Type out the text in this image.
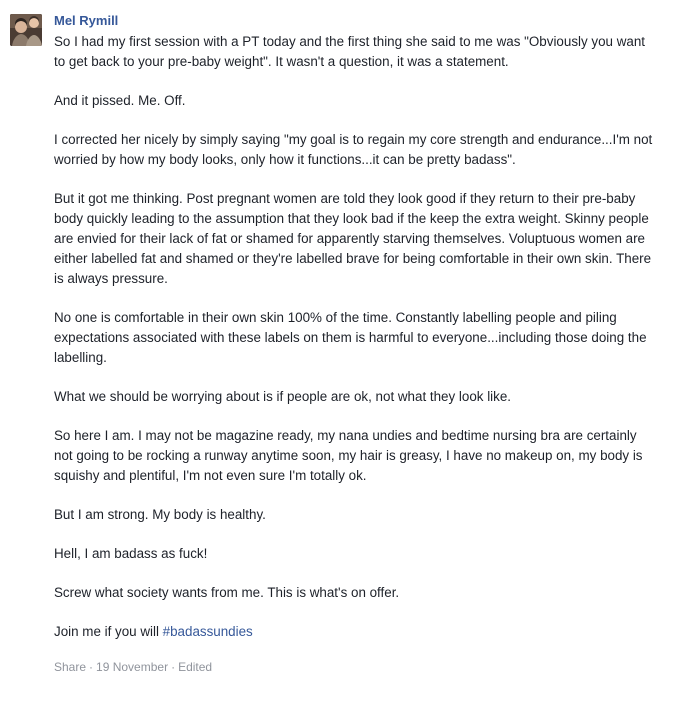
Mel Rymill

So I had my first session with a PT today and the first thing she said to me was "Obviously you want to get back to your pre-baby weight". It wasn't a question, it was a statement.

And it pissed. Me. Off.

I corrected her nicely by simply saying "my goal is to regain my core strength and endurance...I'm not worried by how my body looks, only how it functions...it can be pretty badass".

But it got me thinking. Post pregnant women are told they look good if they return to their pre-baby body quickly leading to the assumption that they look bad if the keep the extra weight. Skinny people are envied for their lack of fat or shamed for apparently starving themselves. Voluptuous women are either labelled fat and shamed or they're labelled brave for being comfortable in their own skin. There is always pressure.

No one is comfortable in their own skin 100% of the time. Constantly labelling people and piling expectations associated with these labels on them is harmful to everyone...including those doing the labelling.

What we should be worrying about is if people are ok, not what they look like.

So here I am. I may not be magazine ready, my nana undies and bedtime nursing bra are certainly not going to be rocking a runway anytime soon, my hair is greasy, I have no makeup on, my body is squishy and plentiful, I'm not even sure I'm totally ok.

But I am strong. My body is healthy.

Hell, I am badass as fuck!

Screw what society wants from me. This is what's on offer.

Join me if you will #badassundies

Share · 19 November · Edited
